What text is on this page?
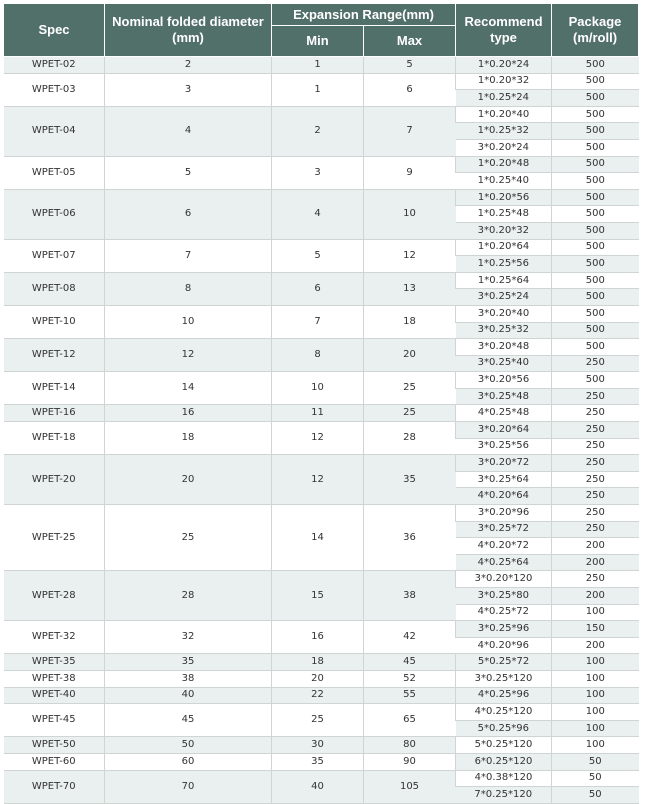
Spec	Nominal folded diameter (mm)	Expansion Range(mm)		Recommend type	Package (m/roll)
		Min	Max		
WPET-02	2	1	5	1*0.20*24	500
WPET-03	3	1	6	1*0.20*32	500
				1*0.25*24	500
WPET-04	4	2	7	1*0.20*40	500
				1*0.25*32	500
				3*0.20*24	500
WPET-05	5	3	9	1*0.20*48	500
				1*0.25*40	500
WPET-06	6	4	10	1*0.20*56	500
				1*0.25*48	500
				3*0.20*32	500
WPET-07	7	5	12	1*0.20*64	500
				1*0.25*56	500
WPET-08	8	6	13	1*0.25*64	500
				3*0.25*24	500
WPET-10	10	7	18	3*0.20*40	500
				3*0.25*32	500
WPET-12	12	8	20	3*0.20*48	500
				3*0.25*40	250
WPET-14	14	10	25	3*0.20*56	500
				3*0.25*48	250
WPET-16	16	11	25	4*0.25*48	250
WPET-18	18	12	28	3*0.20*64	250
				3*0.25*56	250
WPET-20	20	12	35	3*0.20*72	250
				3*0.25*64	250
				4*0.20*64	250
WPET-25	25	14	36	3*0.20*96	250
				3*0.25*72	250
				4*0.20*72	200
				4*0.25*64	200
WPET-28	28	15	38	3*0.20*120	250
				3*0.25*80	200
				4*0.25*72	100
WPET-32	32	16	42	3*0.25*96	150
				4*0.20*96	200
WPET-35	35	18	45	5*0.25*72	100
WPET-38	38	20	52	3*0.25*120	100
WPET-40	40	22	55	4*0.25*96	100
WPET-45	45	25	65	4*0.25*120	100
				5*0.25*96	100
WPET-50	50	30	80	5*0.25*120	100
WPET-60	60	35	90	6*0.25*120	50
WPET-70	70	40	105	4*0.38*120	50
				7*0.25*120	50
